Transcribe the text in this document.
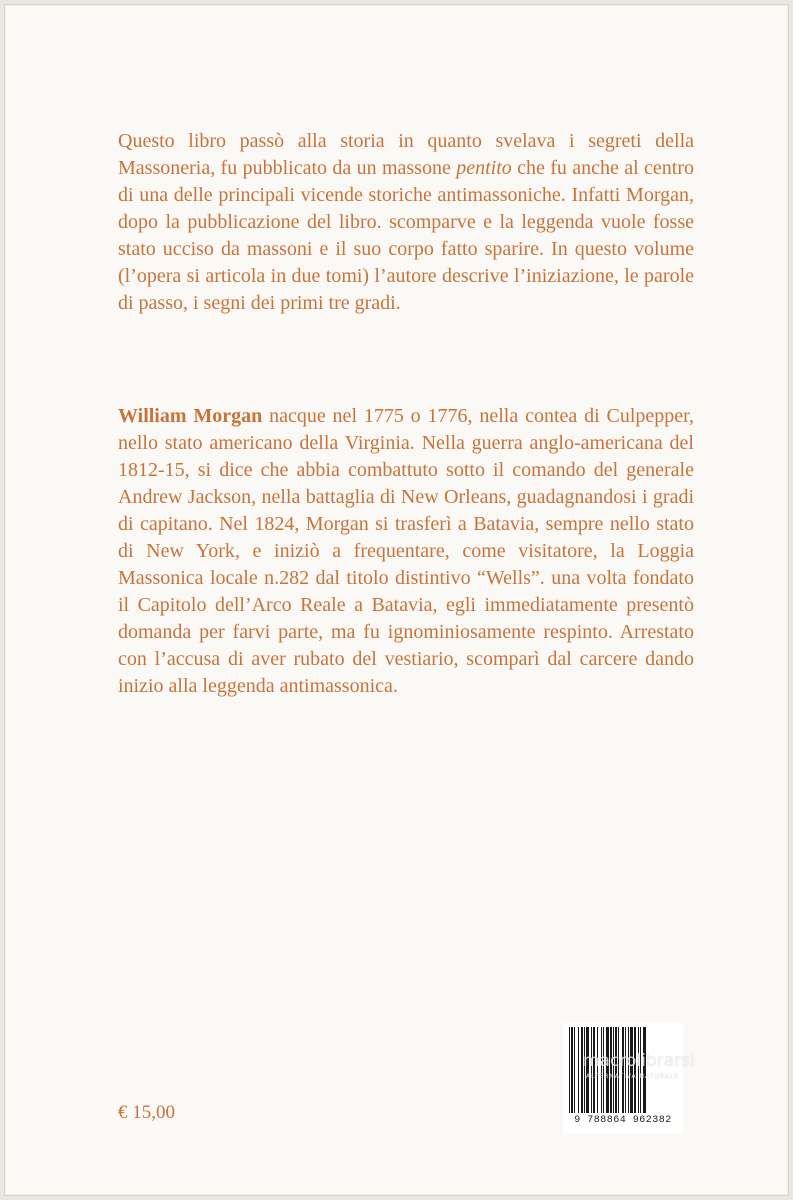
Questo libro passò alla storia in quanto svelava i segreti della Massoneria, fu pubblicato da un massone pentito che fu anche al centro di una delle principali vicende storiche antimassoniche. Infatti Morgan, dopo la pubblicazione del libro. scomparve e la leggenda vuole fosse stato ucciso da massoni e il suo corpo fatto sparire. In questo volume (l’opera si articola in due tomi) l’autore descrive l’iniziazione, le parole di passo, i segni dei primi tre gradi.

William Morgan nacque nel 1775 o 1776, nella contea di Culpepper, nello stato americano della Virginia. Nella guerra anglo-americana del 1812-15, si dice che abbia combattuto sotto il comando del generale Andrew Jackson, nella battaglia di New Orleans, guadagnandosi i gradi di capitano. Nel 1824, Morgan si trasferì a Batavia, sempre nello stato di New York, e iniziò a frequentare, come visitatore, la Loggia Massonica locale n.282 dal titolo distintivo “Wells”. una volta fondato il Capitolo dell’Arco Reale a Batavia, egli immediatamente presentò domanda per farvi parte, ma fu ignominiosamente respinto. Arrestato con l’accusa di aver rubato del vestiario, scomparì dal carcere dando inizio alla leggenda antimassonica.

€ 15,00	9 788864 962382
macrolibrarsi
ALTERNATIVA NATURALE
